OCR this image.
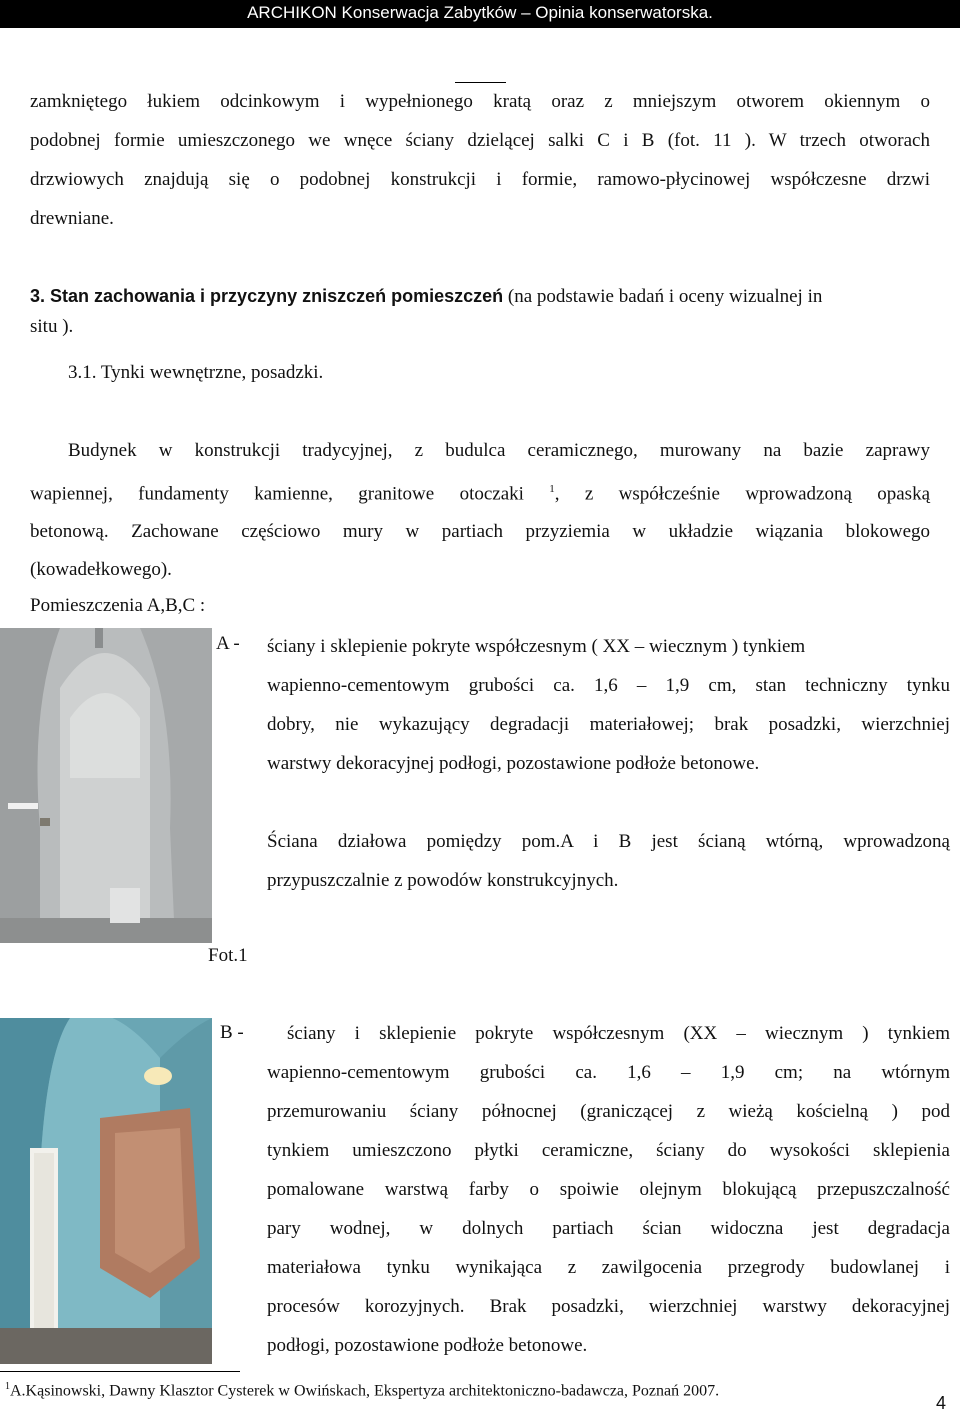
ARCHIKON Konserwacja Zabytków – Opinia konserwatorska.
zamkniętego łukiem odcinkowym i wypełnionego kratą oraz z mniejszym otworem okiennym o
podobnej formie umieszczonego we wnęce ściany dzielącej salki C i B (fot. 11 ). W trzech otworach
drzwiowych znajdują się o podobnej konstrukcji i formie, ramowo-płycinowej współczesne drzwi
drewniane.
3. Stan zachowania i przyczyny zniszczeń pomieszczeń (na podstawie badań i oceny wizualnej in
situ ).
3.1. Tynki wewnętrzne, posadzki.
Budynek w konstrukcji tradycyjnej, z budulca ceramicznego, murowany na bazie zaprawy
wapiennej, fundamenty kamienne, granitowe otoczaki $^1$, z współcześnie wprowadzoną opaską
betonową. Zachowane częściowo mury w partiach przyziemia w układzie wiązania blokowego
(kowadełkowego).
Pomieszczenia A,B,C :
A - ściany i sklepienie pokryte współczesnym ( XX – wiecznym ) tynkiem
wapienno-cementowym grubości ca. 1,6 – 1,9 cm, stan techniczny tynku
dobry, nie wykazujący degradacji materiałowej; brak posadzki, wierzchniej
warstwy dekoracyjnej podłogi, pozostawione podłoże betonowe.
Ściana działowa pomiędzy pom.A i B jest ścianą wtórną, wprowadzoną
przypuszczalnie z powodów konstrukcyjnych.
Fot.1
B -	ściany i sklepienie pokryte współczesnym (XX – wiecznym ) tynkiem
wapienno-cementowym grubości ca. 1,6 – 1,9 cm; na wtórnym
przemurowaniu ściany północnej (graniczącej z wieżą kościelną ) pod
tynkiem umieszczono płytki ceramiczne, ściany do wysokości sklepienia
pomalowane warstwą farby o spoiwie olejnym blokującą przepuszczalność
pary wodnej, w dolnych partiach ścian widoczna jest degradacja
materiałowa tynku wynikająca z zawilgocenia przegrody budowlanej i
procesów korozyjnych. Brak posadzki, wierzchniej warstwy dekoracyjnej
podłogi, pozostawione podłoże betonowe.
$^1$A.Kąsinowski, Dawny Klasztor Cysterek w Owińskach, Ekspertyza architektoniczno-badawcza, Poznań 2007.
4
